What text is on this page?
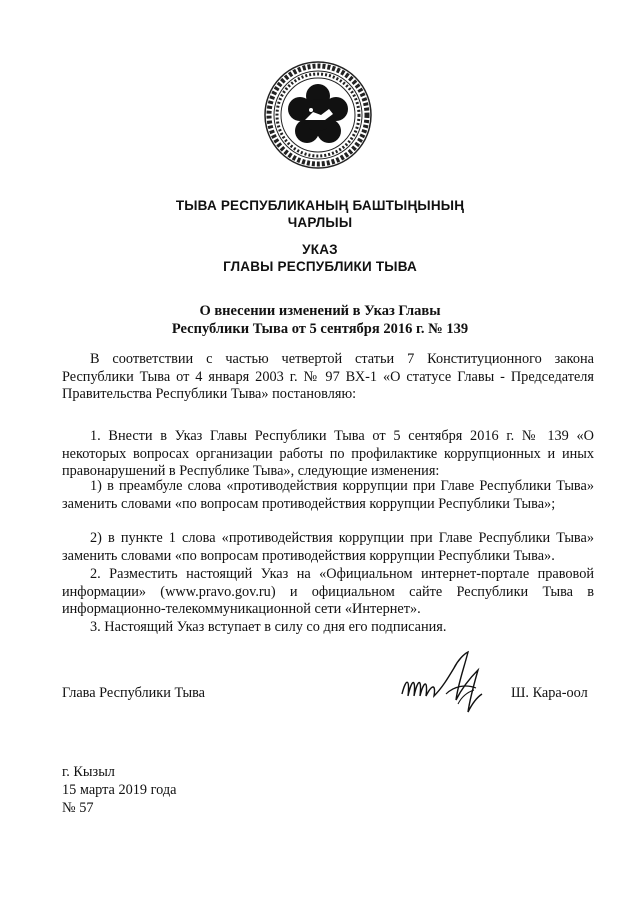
ТЫВА РЕСПУБЛИКАНЫҢ БАШТЫҢЫНЫҢ
ЧАРЛЫЫ
УКАЗ
ГЛАВЫ РЕСПУБЛИКИ ТЫВА
О внесении изменений в Указ Главы
Республики Тыва от 5 сентября 2016 г. № 139

В соответствии с частью четвертой статьи 7 Конституционного закона Республики Тыва от 4 января 2003 г. № 97 ВХ-1 «О статусе Главы - Председателя Правительства Республики Тыва» постановляю:

1. Внести в Указ Главы Республики Тыва от 5 сентября 2016 г. № 139 «О некоторых вопросах организации работы по профилактике коррупционных и иных правонарушений в Республике Тыва», следующие изменения:

1) в преамбуле слова «противодействия коррупции при Главе Республики Тыва» заменить словами «по вопросам противодействия коррупции Республики Тыва»;

2) в пункте 1 слова «противодействия коррупции при Главе Республики Тыва» заменить словами «по вопросам противодействия коррупции Республики Тыва».

2. Разместить настоящий Указ на «Официальном интернет-портале правовой информации» (www.pravo.gov.ru) и официальном сайте Республики Тыва в информационно-телекоммуникационной сети «Интернет».

3. Настоящий Указ вступает в силу со дня его подписания.

Глава Республики Тыва	Ш. Кара-оол
г. Кызыл
15 марта 2019 года
№ 57
